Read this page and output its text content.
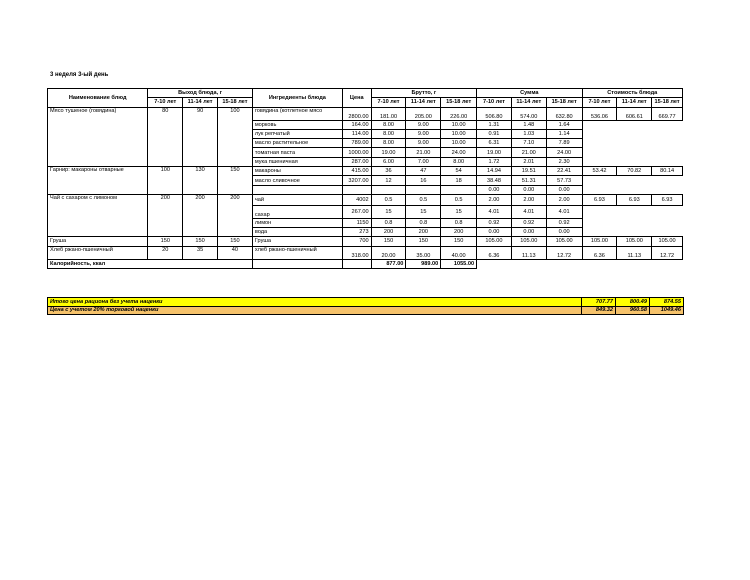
3 неделя 3-ый день
Наименование блюд	Выход блюда, г			Ингредиенты блюда	Цена	Брутто, г			Сумма			Стоимость блюда		
	7-10 лет	11-14 лет	15-18 лет			7-10 лет	11-14 лет	15-18 лет	7-10 лет	11-14 лет	15-18 лет	7-10 лет	11-14 лет	15-18 лет
Мясо тушеное (говядина)	80	90	100	говядина (котлетное мясо	2800.00	181.00	205.00	226.00	506.80	574.00	632.80	536.06	606.61	669.77
				морковь	164.00	8.00	9.00	10.00	1.31	1.48	1.64			
				лук репчатый	114.00	8.00	9.00	10.00	0.91	1.03	1.14			
				масло растительное	789.00	8.00	9.00	10.00	6.31	7.10	7.89			
				томатная паста	1000.00	19.00	21.00	24.00	19.00	21.00	24.00			
				мука пшеничная	287.00	6.00	7.00	8.00	1.72	2.01	2.30			
Гарнир: макароны отварные	100	130	150	макароны	415.00	36	47	54	14.94	19.51	22.41	53.42	70.82	80.14
				масло сливочное	3207.00	12	16	18	38.48	51.31	57.73			
									0.00	0.00	0.00			
Чай с сахаром с лимоном	200	200	200	чай	4002	0.5	0.5	0.5	2.00	2.00	2.00	6.93	6.93	6.93
				сахар	267.00	15	15	15	4.01	4.01	4.01			
				лимон	1150	0.8	0.8	0.8	0.92	0.92	0.92			
				вода	273	200	200	200	0.00	0.00	0.00			
Груша	150	150	150	Груша	700	150	150	150	105.00	105.00	105.00	105.00	105.00	105.00
Хлеб ржано-пшеничный	20	35	40	хлеб ржано-пшеничный	318.00	20.00	35.00	40.00	6.36	11.13	12.72	6.36	11.13	12.72
Калорийность, ккал						877.00	989.00	1055.00						
Итого цена рациона без учета наценки	707.77	800.49	874.55
Цена с учетом 20% торговой наценки	849.32	960.58	1049.46
